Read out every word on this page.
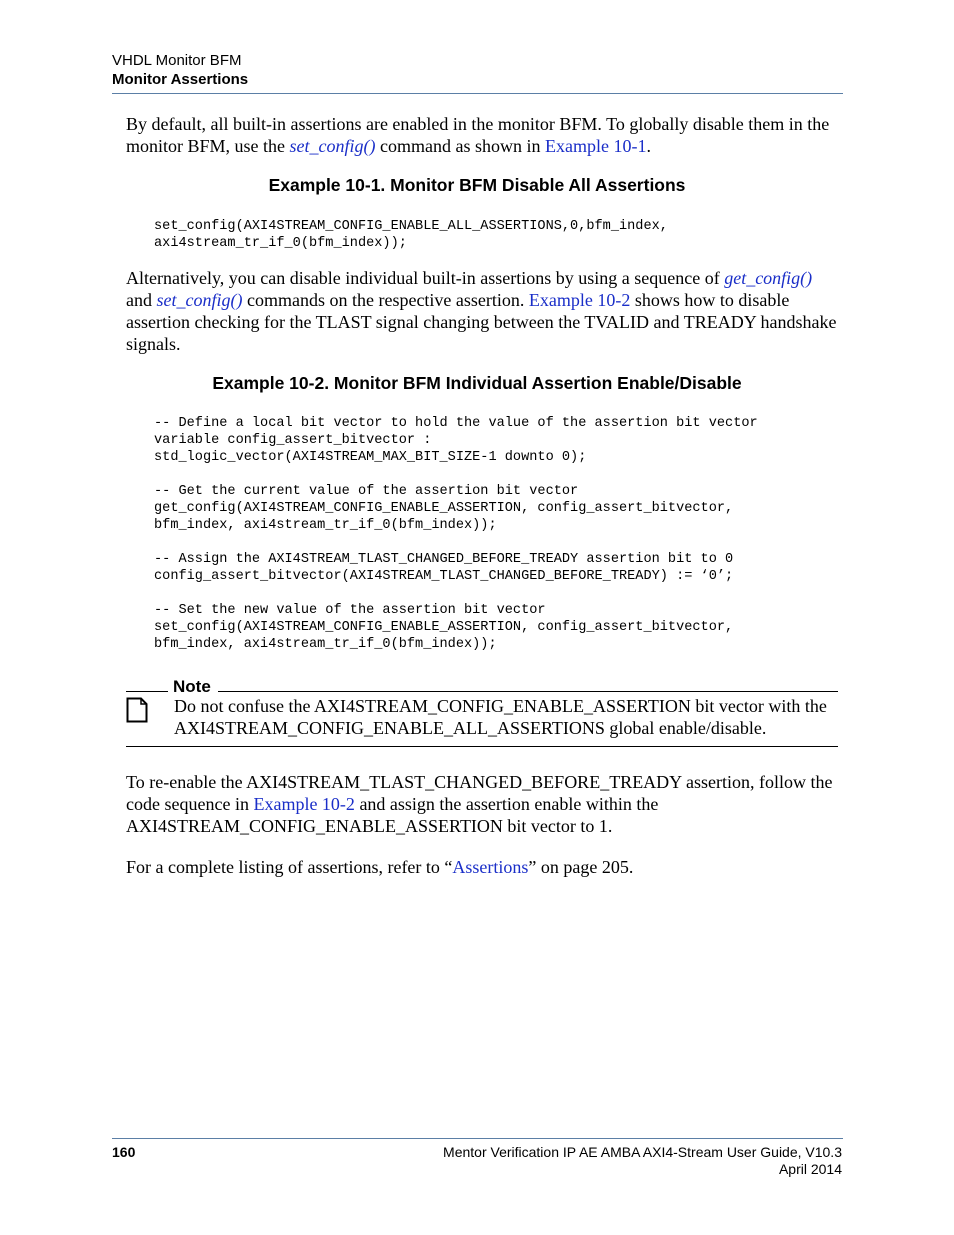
VHDL Monitor BFM
Monitor Assertions

By default, all built-in assertions are enabled in the monitor BFM. To globally disable them in the monitor BFM, use the set_config() command as shown in Example 10-1.

Example 10-1. Monitor BFM Disable All Assertions
set_config(AXI4STREAM_CONFIG_ENABLE_ALL_ASSERTIONS,0,bfm_index,
axi4stream_tr_if_0(bfm_index));

Alternatively, you can disable individual built-in assertions by using a sequence of get_config() and set_config() commands on the respective assertion. Example 10-2 shows how to disable assertion checking for the TLAST signal changing between the TVALID and TREADY handshake signals.

Example 10-2. Monitor BFM Individual Assertion Enable/Disable
-- Define a local bit vector to hold the value of the assertion bit vector
variable config_assert_bitvector :
std_logic_vector(AXI4STREAM_MAX_BIT_SIZE-1 downto 0);

-- Get the current value of the assertion bit vector
get_config(AXI4STREAM_CONFIG_ENABLE_ASSERTION, config_assert_bitvector,
bfm_index, axi4stream_tr_if_0(bfm_index));

-- Assign the AXI4STREAM_TLAST_CHANGED_BEFORE_TREADY assertion bit to 0
config_assert_bitvector(AXI4STREAM_TLAST_CHANGED_BEFORE_TREADY) := ‘0’;

-- Set the new value of the assertion bit vector
set_config(AXI4STREAM_CONFIG_ENABLE_ASSERTION, config_assert_bitvector,
bfm_index, axi4stream_tr_if_0(bfm_index));
Note

Do not confuse the AXI4STREAM_CONFIG_ENABLE_ASSERTION bit vector with the AXI4STREAM_CONFIG_ENABLE_ALL_ASSERTIONS global enable/disable.

To re-enable the AXI4STREAM_TLAST_CHANGED_BEFORE_TREADY assertion, follow the code sequence in Example 10-2 and assign the assertion enable within the AXI4STREAM_CONFIG_ENABLE_ASSERTION bit vector to 1.

For a complete listing of assertions, refer to “Assertions” on page 205.

160	Mentor Verification IP AE AMBA AXI4-Stream User Guide, V10.3
April 2014
